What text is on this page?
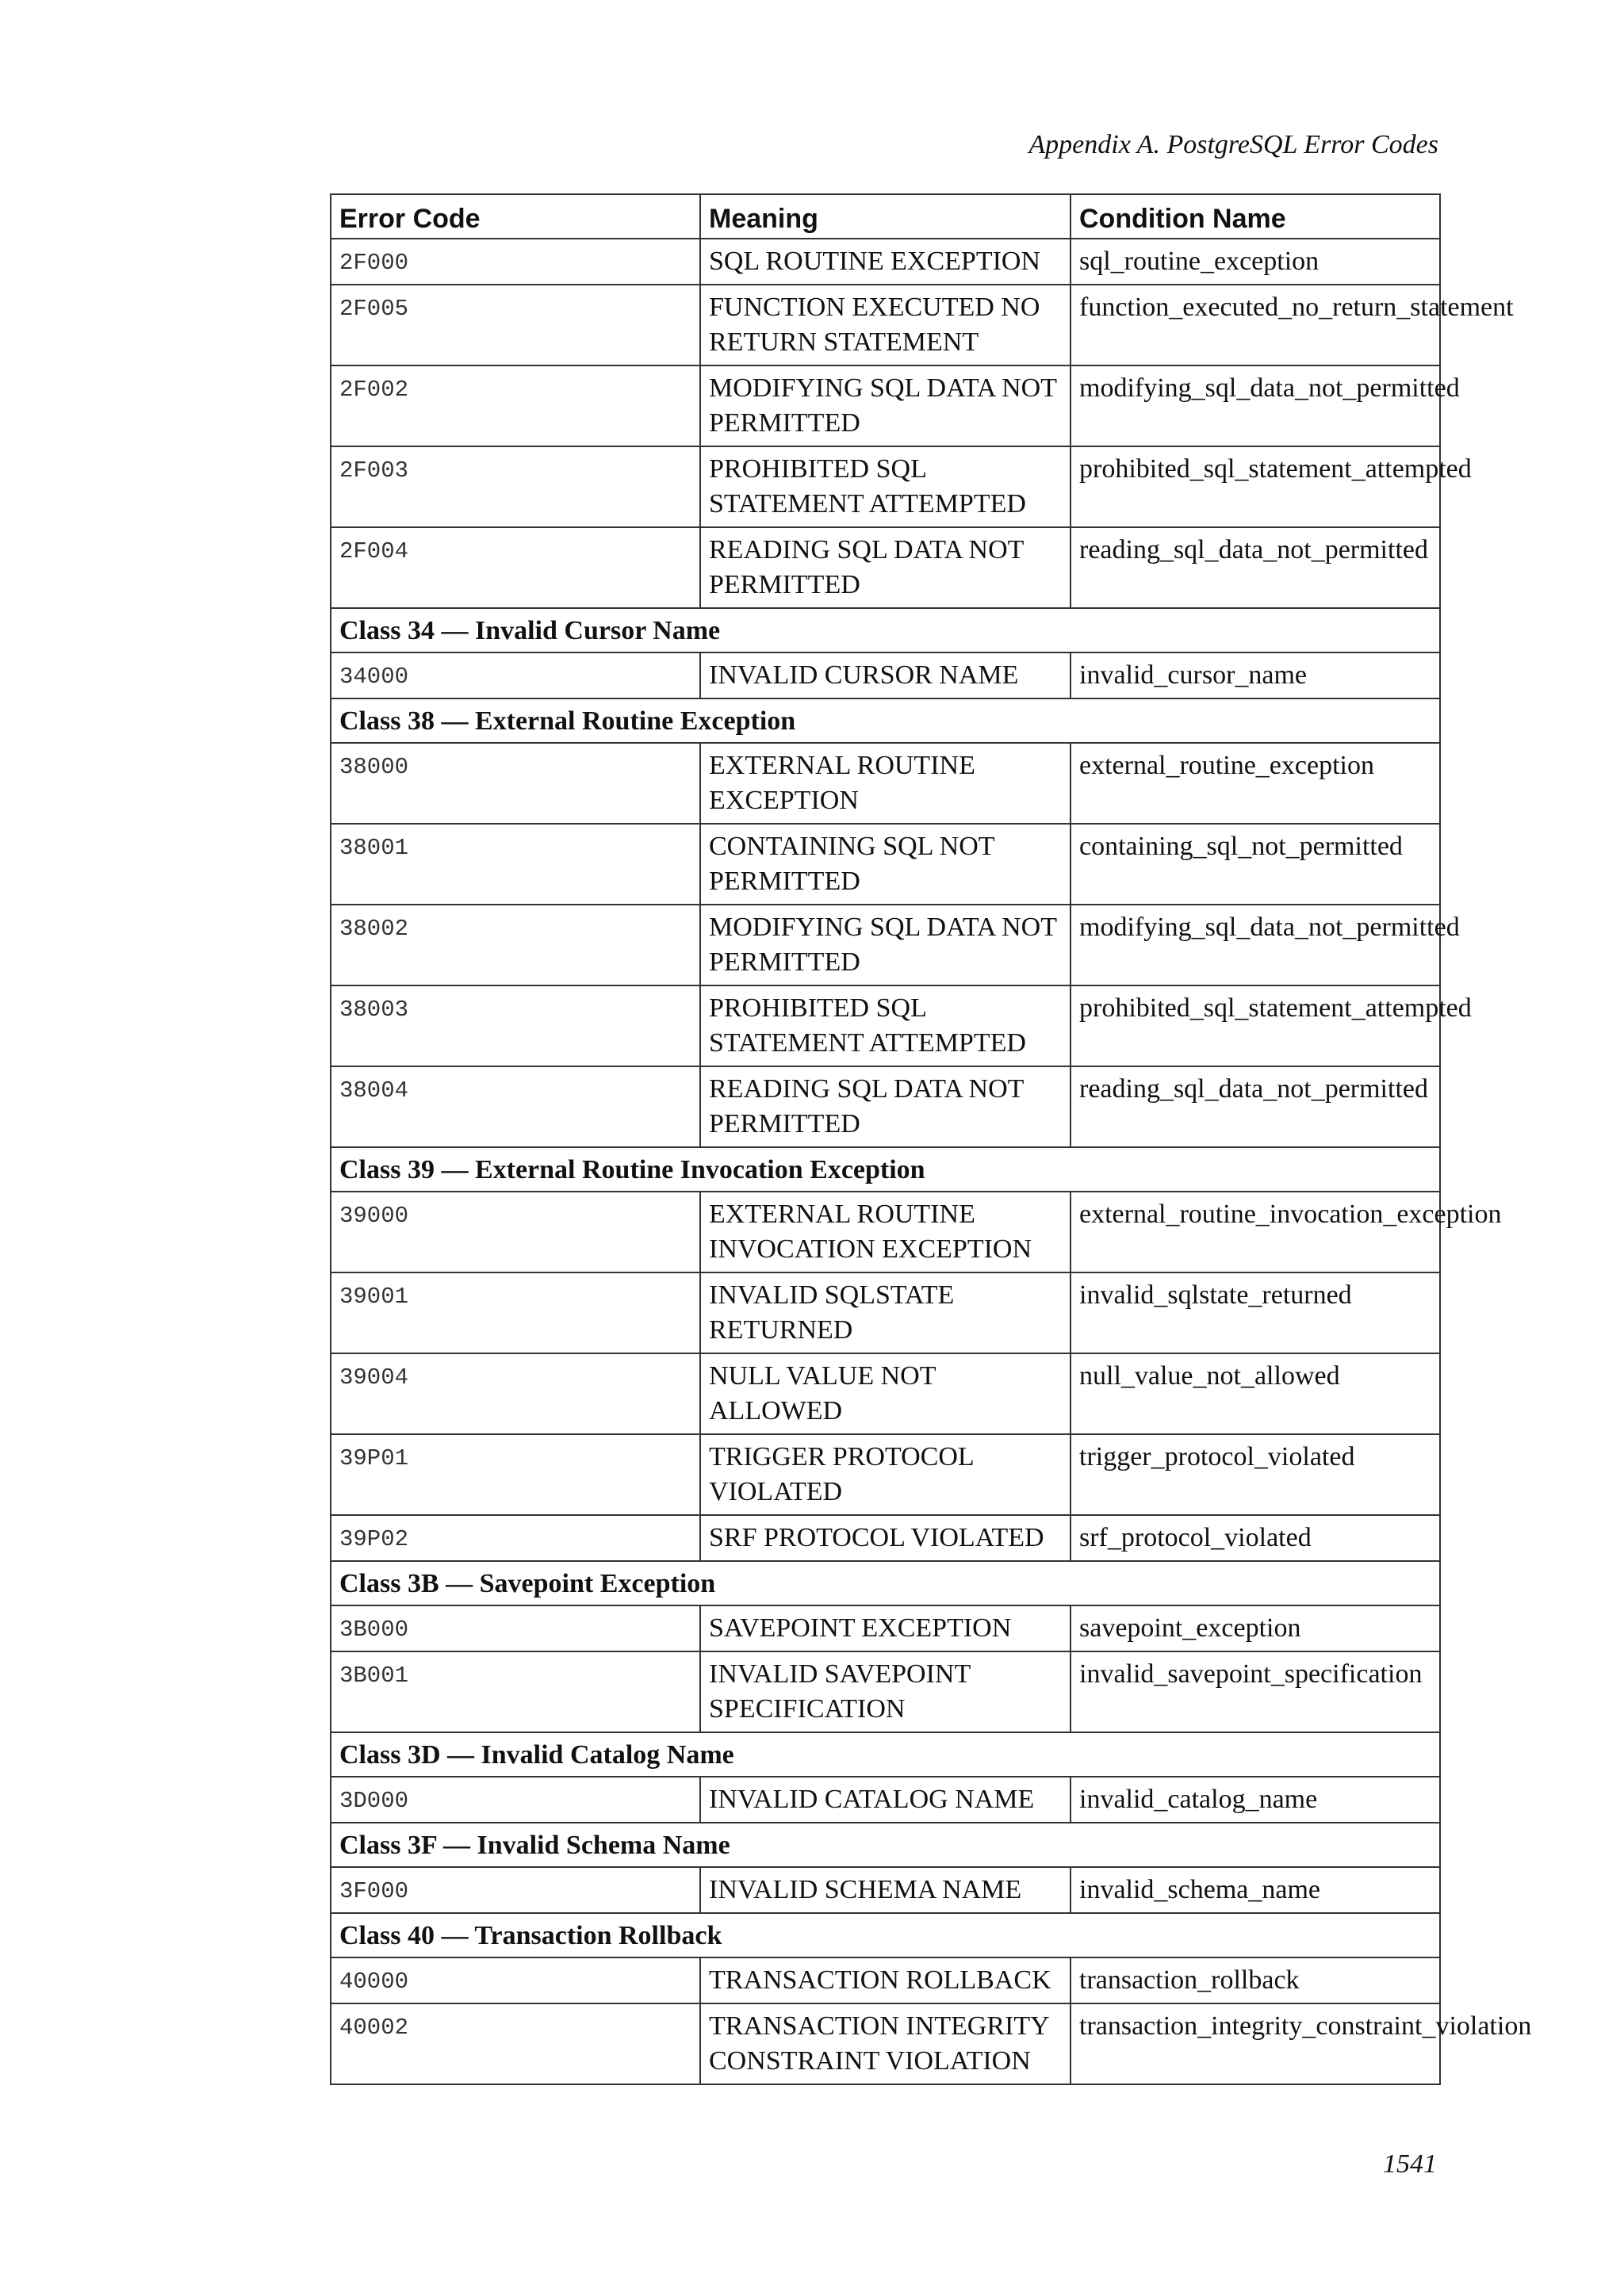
Appendix A. PostgreSQL Error Codes
Error Code	Meaning	Condition Name
2F000	SQL ROUTINE EXCEPTION	sql_routine_exception
2F005	FUNCTION EXECUTED NO RETURN STATEMENT	function_executed_no_return_statement
2F002	MODIFYING SQL DATA NOT PERMITTED	modifying_sql_data_not_permitted
2F003	PROHIBITED SQL STATEMENT ATTEMPTED	prohibited_sql_statement_attempted
2F004	READING SQL DATA NOT PERMITTED	reading_sql_data_not_permitted
Class 34 — Invalid Cursor Name		
34000	INVALID CURSOR NAME	invalid_cursor_name
Class 38 — External Routine Exception		
38000	EXTERNAL ROUTINE EXCEPTION	external_routine_exception
38001	CONTAINING SQL NOT PERMITTED	containing_sql_not_permitted
38002	MODIFYING SQL DATA NOT PERMITTED	modifying_sql_data_not_permitted
38003	PROHIBITED SQL STATEMENT ATTEMPTED	prohibited_sql_statement_attempted
38004	READING SQL DATA NOT PERMITTED	reading_sql_data_not_permitted
Class 39 — External Routine Invocation Exception		
39000	EXTERNAL ROUTINE INVOCATION EXCEPTION	external_routine_invocation_exception
39001	INVALID SQLSTATE RETURNED	invalid_sqlstate_returned
39004	NULL VALUE NOT ALLOWED	null_value_not_allowed
39P01	TRIGGER PROTOCOL VIOLATED	trigger_protocol_violated
39P02	SRF PROTOCOL VIOLATED	srf_protocol_violated
Class 3B — Savepoint Exception		
3B000	SAVEPOINT EXCEPTION	savepoint_exception
3B001	INVALID SAVEPOINT SPECIFICATION	invalid_savepoint_specification
Class 3D — Invalid Catalog Name		
3D000	INVALID CATALOG NAME	invalid_catalog_name
Class 3F — Invalid Schema Name		
3F000	INVALID SCHEMA NAME	invalid_schema_name
Class 40 — Transaction Rollback		
40000	TRANSACTION ROLLBACK	transaction_rollback
40002	TRANSACTION INTEGRITY CONSTRAINT VIOLATION	transaction_integrity_constraint_violation
1541
